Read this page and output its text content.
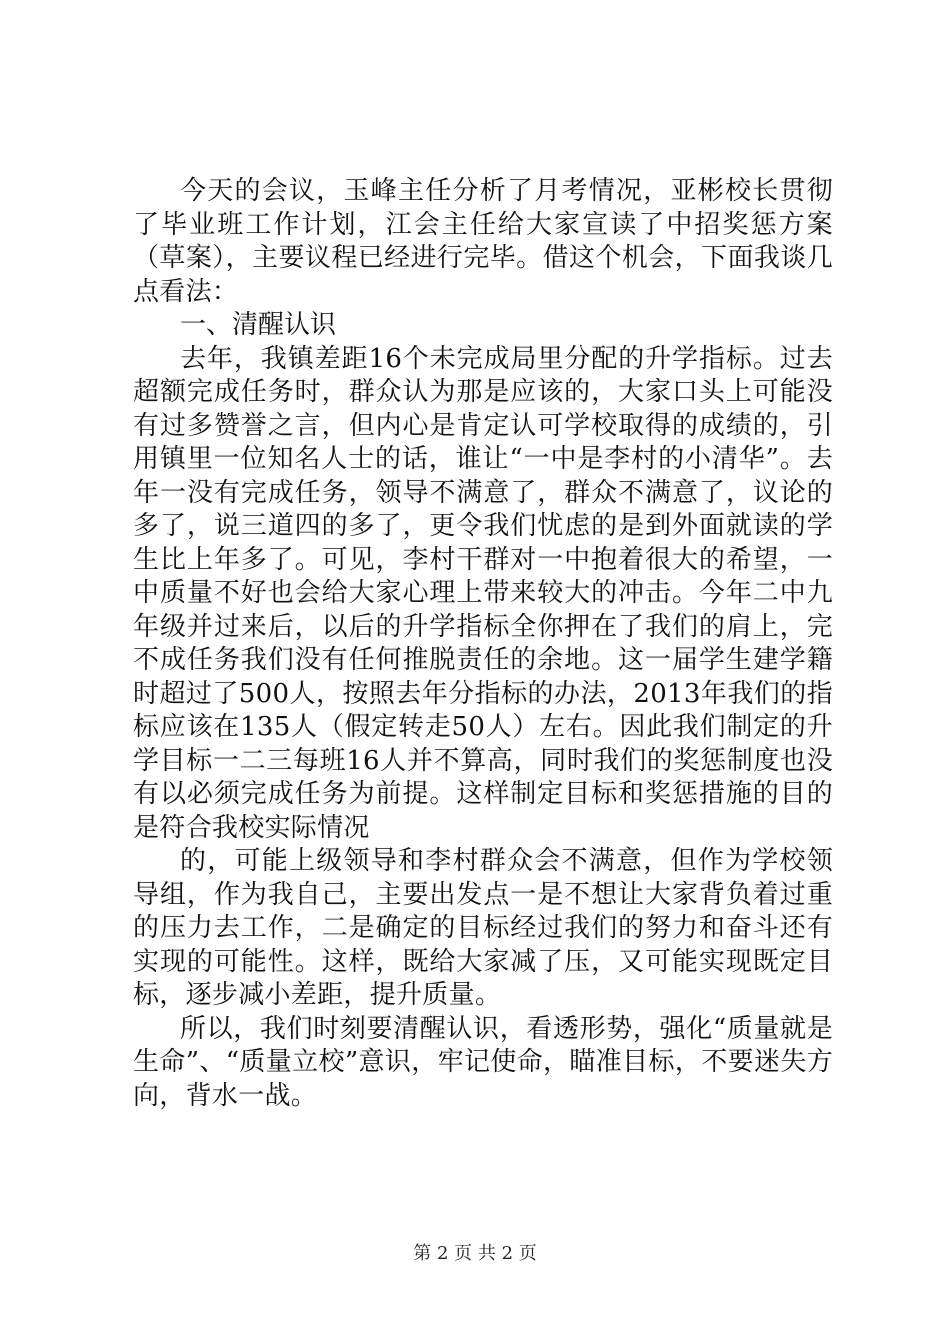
今天的会议，玉峰主任分析了月考情况，亚彬校长贯彻了毕业班工作计划，江会主任给大家宣读了中招奖惩方案（草案），主要议程已经进行完毕。借这个机会，下面我谈几点看法：

一、清醒认识

去年，我镇差距16个未完成局里分配的升学指标。过去超额完成任务时，群众认为那是应该的，大家口头上可能没有过多赞誉之言，但内心是肯定认可学校取得的成绩的，引用镇里一位知名人士的话，谁让“一中是李村的小清华”。去年一没有完成任务，领导不满意了，群众不满意了，议论的多了，说三道四的多了，更令我们忧虑的是到外面就读的学生比上年多了。可见，李村干群对一中抱着很大的希望，一中质量不好也会给大家心理上带来较大的冲击。今年二中九年级并过来后，以后的升学指标全你押在了我们的肩上，完不成任务我们没有任何推脱责任的余地。这一届学生建学籍时超过了500人，按照去年分指标的办法，2013年我们的指标应该在135人（假定转走50人）左右。因此我们制定的升学目标一二三每班16人并不算高，同时我们的奖惩制度也没有以必须完成任务为前提。这样制定目标和奖惩措施的目的是符合我校实际情况

的，可能上级领导和李村群众会不满意，但作为学校领导组，作为我自己，主要出发点一是不想让大家背负着过重的压力去工作，二是确定的目标经过我们的努力和奋斗还有实现的可能性。这样，既给大家减了压，又可能实现既定目标，逐步减小差距，提升质量。

所以，我们时刻要清醒认识，看透形势，强化“质量就是生命”、“质量立校”意识，牢记使命，瞄准目标，不要迷失方向，背水一战。

第 2 页 共 2 页
